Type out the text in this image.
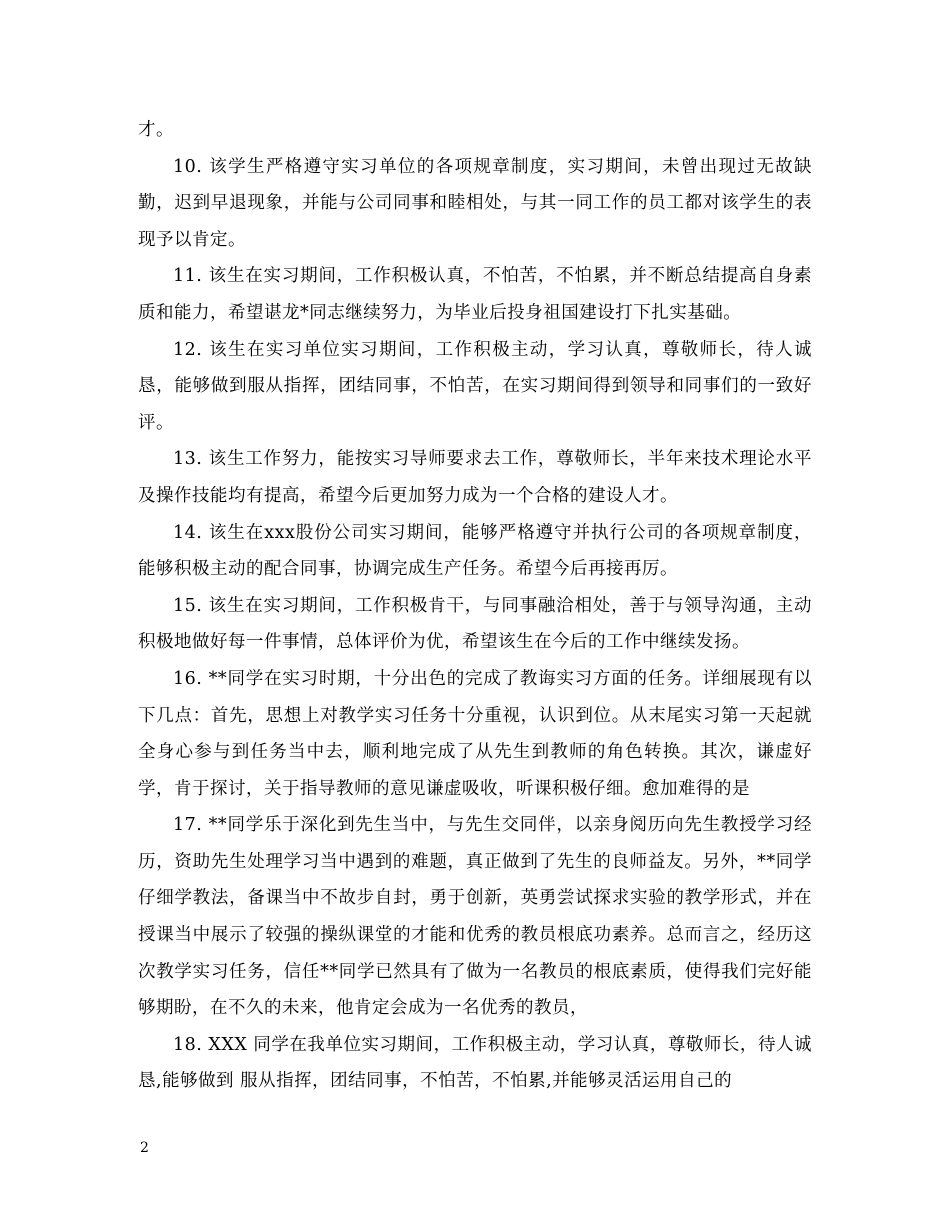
才。

10. 该学生严格遵守实习单位的各项规章制度，实习期间，未曾出现过无故缺勤，迟到早退现象，并能与公司同事和睦相处，与其一同工作的员工都对该学生的表现予以肯定。

11. 该生在实习期间，工作积极认真，不怕苦，不怕累，并不断总结提高自身素质和能力，希望谌龙*同志继续努力，为毕业后投身祖国建设打下扎实基础。

12. 该生在实习单位实习期间，工作积极主动，学习认真，尊敬师长，待人诚恳，能够做到服从指挥，团结同事，不怕苦，在实习期间得到领导和同事们的一致好评。

13. 该生工作努力，能按实习导师要求去工作，尊敬师长，半年来技术理论水平及操作技能均有提高，希望今后更加努力成为一个合格的建设人才。

14. 该生在xxx股份公司实习期间，能够严格遵守并执行公司的各项规章制度，能够积极主动的配合同事，协调完成生产任务。希望今后再接再厉。

15. 该生在实习期间，工作积极肯干，与同事融洽相处，善于与领导沟通，主动积极地做好每一件事情，总体评价为优，希望该生在今后的工作中继续发扬。

16. **同学在实习时期，十分出色的完成了教诲实习方面的任务。详细展现有以下几点：首先，思想上对教学实习任务十分重视，认识到位。从末尾实习第一天起就全身心参与到任务当中去，顺利地完成了从先生到教师的角色转换。其次，谦虚好学，肯于探讨，关于指导教师的意见谦虚吸收，听课积极仔细。愈加难得的是

17. **同学乐于深化到先生当中，与先生交同伴，以亲身阅历向先生教授学习经历，资助先生处理学习当中遇到的难题，真正做到了先生的良师益友。另外，**同学仔细学教法，备课当中不故步自封，勇于创新，英勇尝试探求实验的教学形式，并在授课当中展示了较强的操纵课堂的才能和优秀的教员根底功素养。总而言之，经历这次教学实习任务，信任**同学已然具有了做为一名教员的根底素质，使得我们完好能够期盼，在不久的未来，他肯定会成为一名优秀的教员，

18. XXX 同学在我单位实习期间，工作积极主动，学习认真，尊敬师长，待人诚恳,能够做到 服从指挥，团结同事，不怕苦，不怕累,并能够灵活运用自己的

2
